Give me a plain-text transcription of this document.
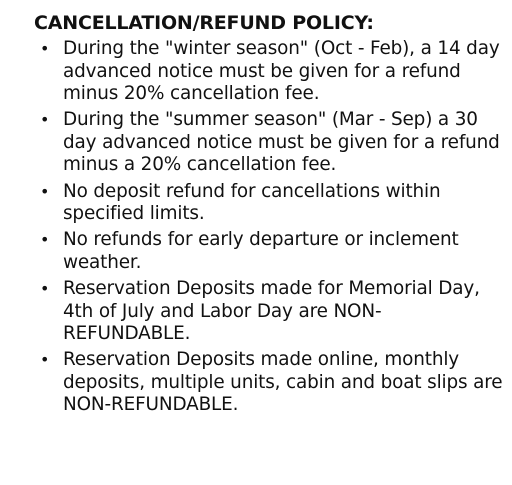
CANCELLATION/REFUND POLICY:
• During the "winter season" (Oct - Feb), a 14 day advanced notice must be given for a refund minus 20% cancellation fee.
• During the "summer season" (Mar - Sep) a 30 day advanced notice must be given for a refund minus a 20% cancellation fee.
• No deposit refund for cancellations within specified limits.
• No refunds for early departure or inclement weather.
• Reservation Deposits made for Memorial Day, 4th of July and Labor Day are NON-REFUNDABLE.
• Reservation Deposits made online, monthly deposits, multiple units, cabin and boat slips are NON-REFUNDABLE.
